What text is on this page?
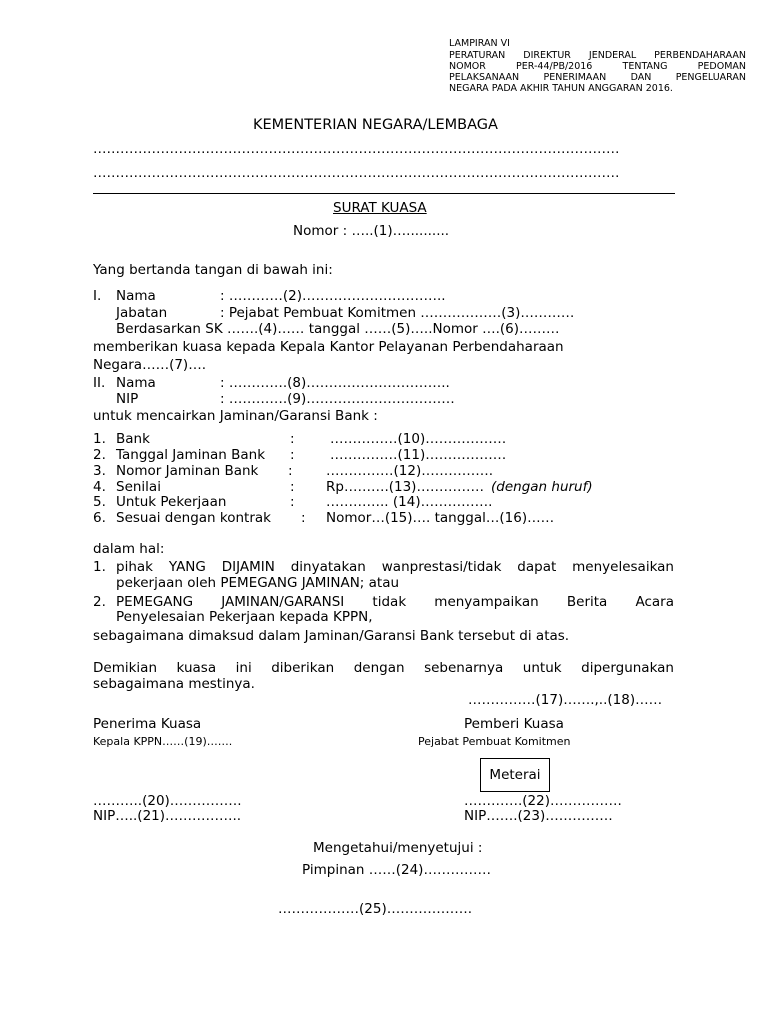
LAMPIRAN VI
PERATURAN DIREKTUR JENDERAL PERBENDAHARAAN
NOMOR PER-44/PB/2016 TENTANG PEDOMAN
PELAKSANAAN PENERIMAAN DAN PENGELUARAN
NEGARA PADA AKHIR TAHUN ANGGARAN 2016.
KEMENTERIAN NEGARA/LEMBAGA
………………………………………………………………………………………………………
………………………………………………………………………………………………………
SURAT KUASA
Nomor : …..(1)…..........
Yang bertanda tangan di bawah ini:
I. Nama	: …………(2)…………………………..
Jabatan	: Pejabat Pembuat Komitmen ………………(3)…………
Berdasarkan SK …….(4)…… tanggal ……(5)…..Nomor ….(6)………
memberikan kuasa kepada Kepala Kantor Pelayanan Perbendaharaan
Negara……(7)….
II. Nama	: ………….(8)…………………………..
NIP	: ………….(9)……………………………
untuk mencairkan Jaminan/Garansi Bank :
1. Bank	:	……………(10)………………
2. Tanggal Jaminan Bank :	……………(11)………………
3. Nomor Jaminan Bank : ……………(12)…………….
4. Senilai	: Rp……….(13)…………… (dengan huruf)
5. Untuk Pekerjaan	: ………….. (14)…………….
6. Sesuai dengan kontrak : Nomor…(15)…. tanggal…(16)……
dalam hal:
1. pihak YANG DIJAMIN dinyatakan wanprestasi/tidak dapat menyelesaikan
pekerjaan oleh PEMEGANG JAMINAN; atau
2. PEMEGANG JAMINAN/GARANSI tidak menyampaikan Berita Acara
Penyelesaian Pekerjaan kepada KPPN,
sebagaimana dimaksud dalam Jaminan/Garansi Bank tersebut di atas.
Demikian kuasa ini diberikan dengan sebenarnya untuk dipergunakan
sebagaimana mestinya.
……………(17)…….,..(18)……
Penerima Kuasa
Kepala KPPN……(19)…….
Pemberi Kuasa
Pejabat Pembuat Komitmen
Meterai
………..(20)…………….
NIP…..(21)……………..
………….(22)…………….
NIP…….(23)……………
Mengetahui/menyetujui :
Pimpinan ……(24)……………
………………(25)……………….
